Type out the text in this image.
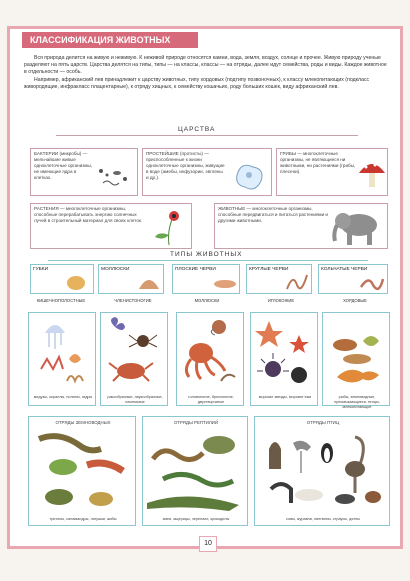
КЛАССИФИКАЦИЯ ЖИВОТНЫХ

Вся природа делится на живую и неживую. К неживой природе относятся камни, вода, земля, воздух, солнце и прочее. Живую природу ученые разделяют на пять царств. Царства делятся на типы, типы — на классы, классы — на отряды, далее идут семейства, роды и виды. Каждое животное в отдельности — особь.

Например, африканский лев принадлежит к царству животных, типу хордовых (подтипу позвоночных), к классу млекопитающих (подкласс живородящие, инфракласс плацентарные), к отряду хищных, к семейству кошачьих, роду больших кошек, виду африканский лев.

ЦАРСТВА
БАКТЕРИИ (микробы) — мельчайшие живые одноклеточные организмы, не имеющие ядра в клетках.
ПРОСТЕЙШИЕ (протисты) — приспособленные к жизни одноклеточные организмы, живущие в воде (амебы, инфузории, эвглены и др.).
ГРИБЫ — многоклеточные организмы, не являющиеся ни животными, ни растениями (грибы, плесени).
РАСТЕНИЯ — многоклеточные организмы, способные перерабатывать энергию солнечных лучей в строительный материал для своих клеток.
ЖИВОТНЫЕ — многоклеточные организмы, способные передвигаться и питаться растениями и другими животными.
ТИПЫ ЖИВОТНЫХ
ГУБКИ	МОЛЛЮСКИ	ПЛОСКИЕ ЧЕРВИ	КРУГЛЫЕ ЧЕРВИ	КОЛЬЧАТЫЕ ЧЕРВИ
КИШЕЧНОПОЛОСТНЫЕ	ЧЛЕНИСТОНОГИЕ	МОЛЛЮСКИ	ИГЛОКОЖИЕ	ХОРДОВЫЕ
медузы, кораллы, полипы, гидры	ракообразные, паукообразные, насекомые
головоногие, брюхоногие, двустворчатые
морские звезды, морские ежи	рыбы, земноводные, пресмыкающиеся, птицы, млекопитающие
ОТРЯДЫ ЗЕМНОВОДНЫХ
тритоны, саламандры, лягушки, жабы
ОТРЯДЫ РЕПТИЛИЙ
змеи, ящерицы, черепахи, крокодилы
ОТРЯДЫ ПТИЦ
совы, журавли, пингвины, страусы, дятлы
10
